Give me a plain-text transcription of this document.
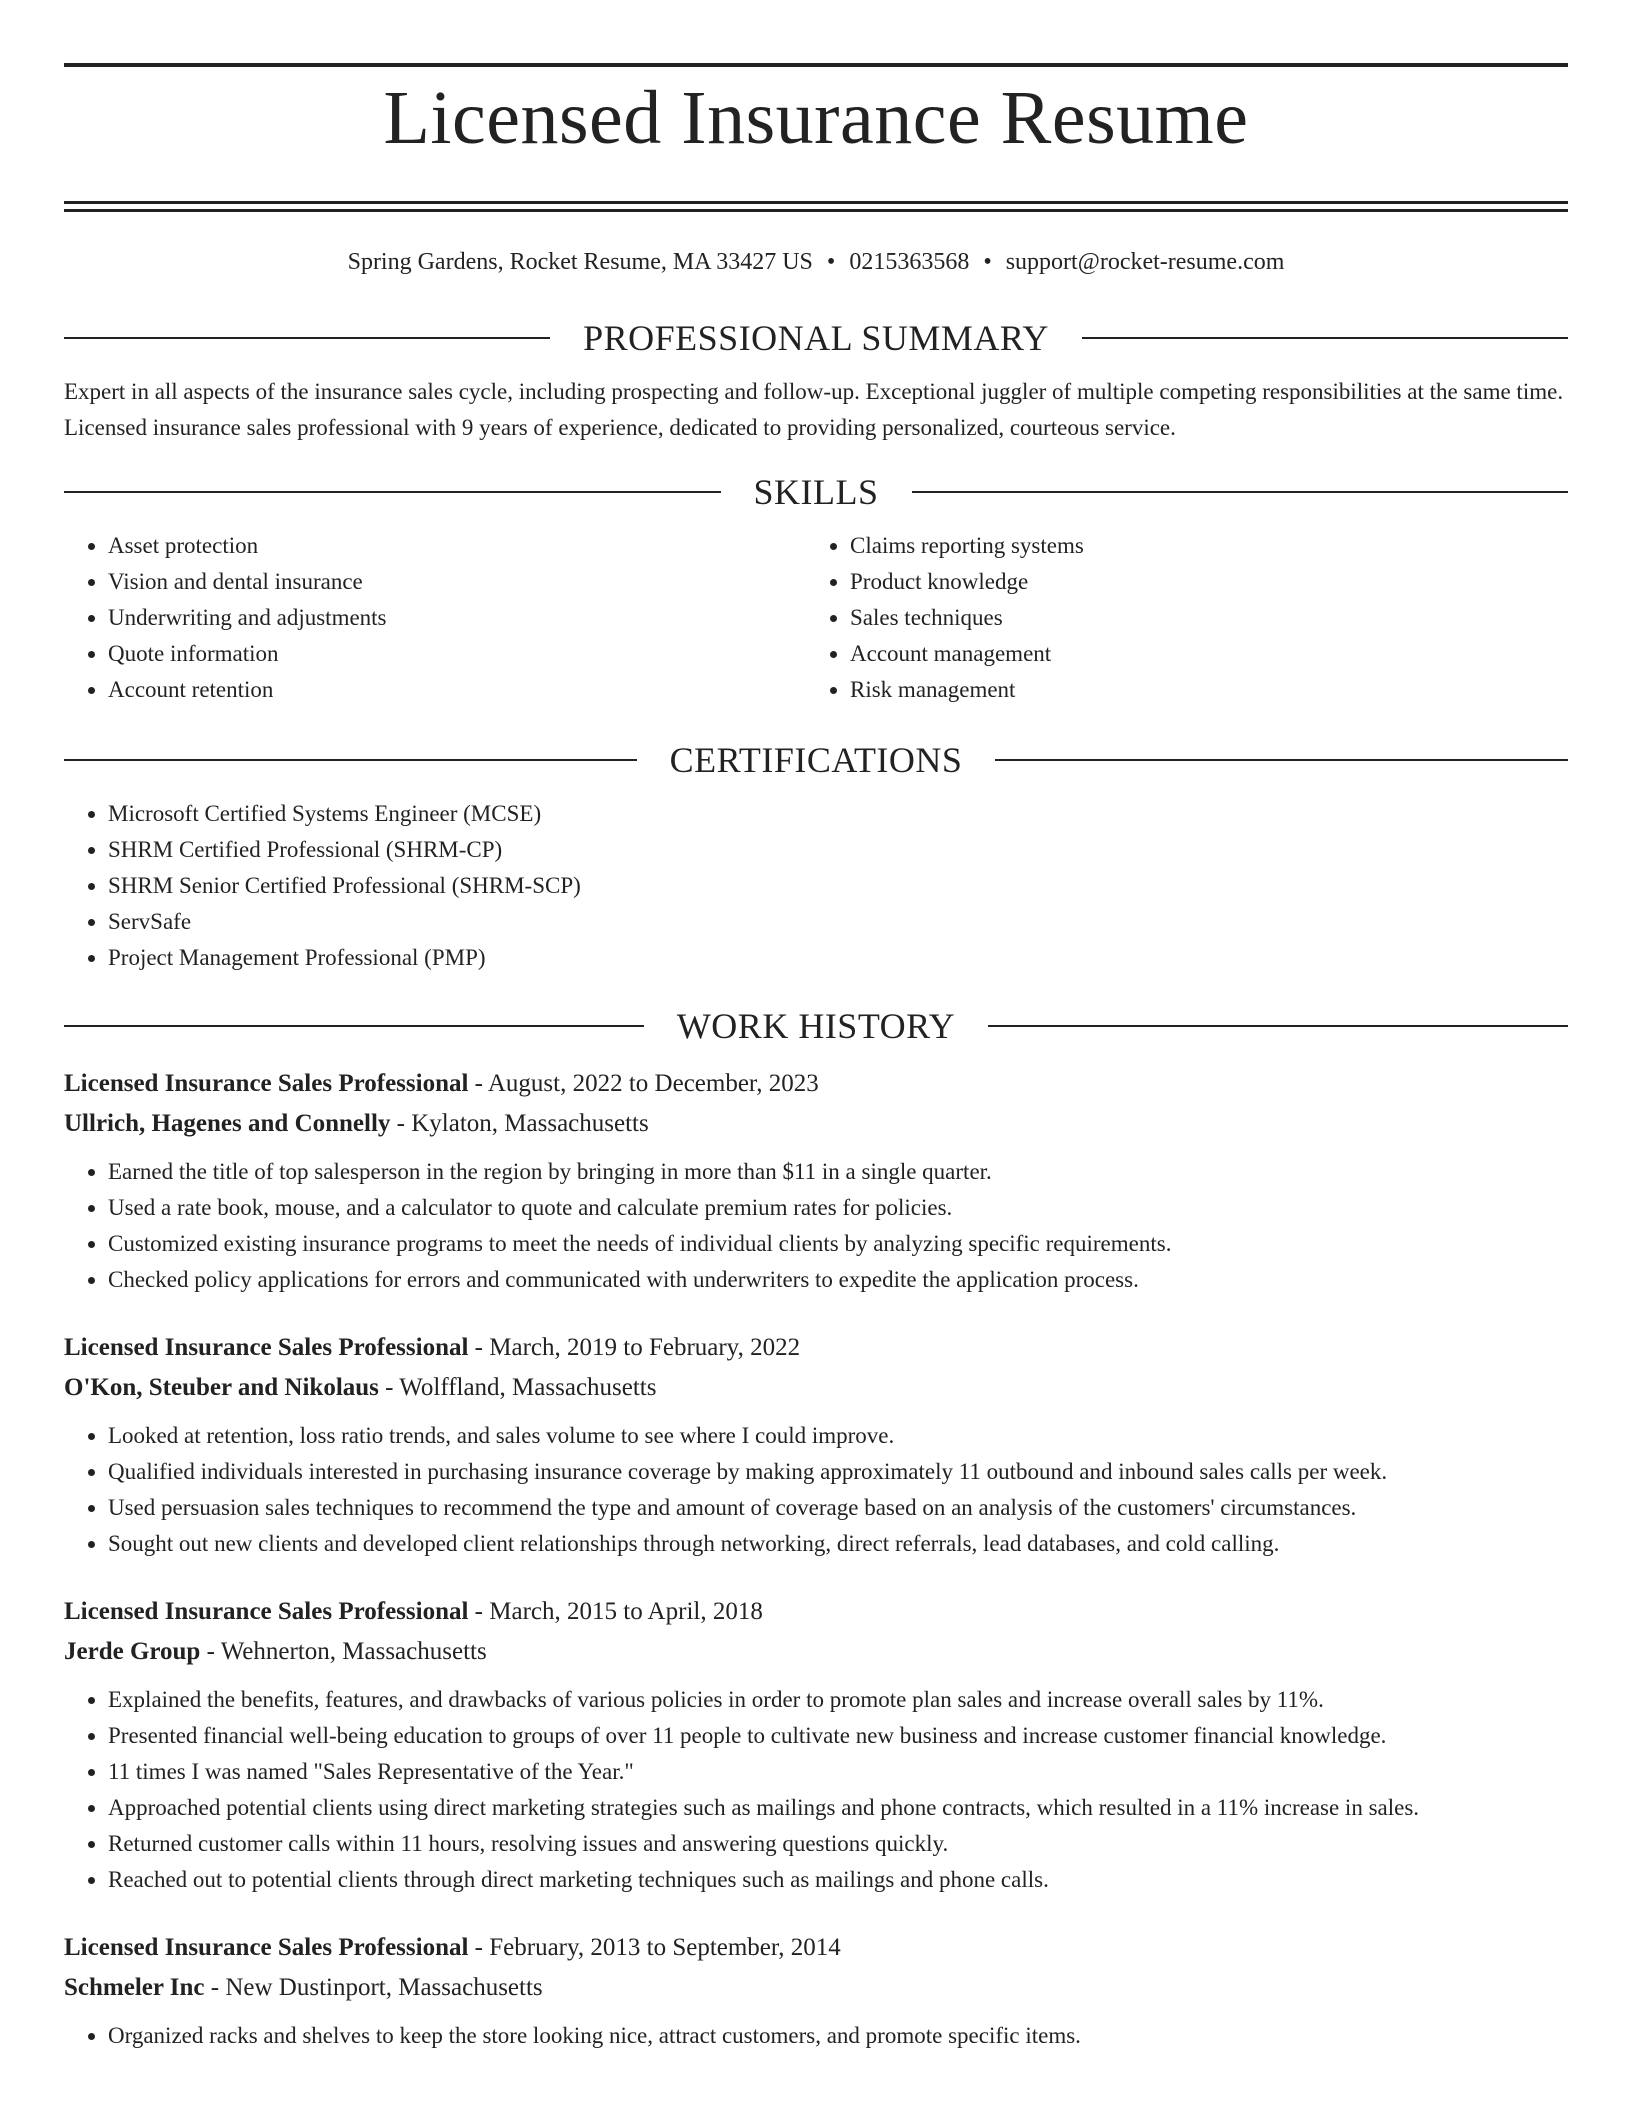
Licensed Insurance Resume
Spring Gardens, Rocket Resume, MA 33427 US • 0215363568 • support@rocket-resume.com
PROFESSIONAL SUMMARY
Expert in all aspects of the insurance sales cycle, including prospecting and follow-up. Exceptional juggler of multiple competing responsibilities at the same time. Licensed insurance sales professional with 9 years of experience, dedicated to providing personalized, courteous service.
SKILLS
• Asset protection
• Vision and dental insurance
• Underwriting and adjustments
• Quote information
• Account retention
• Claims reporting systems
• Product knowledge
• Sales techniques
• Account management
• Risk management
CERTIFICATIONS
• Microsoft Certified Systems Engineer (MCSE)
• SHRM Certified Professional (SHRM-CP)
• SHRM Senior Certified Professional (SHRM-SCP)
• ServSafe
• Project Management Professional (PMP)
WORK HISTORY
Licensed Insurance Sales Professional - August, 2022 to December, 2023
Ullrich, Hagenes and Connelly - Kylaton, Massachusetts
• Earned the title of top salesperson in the region by bringing in more than $11 in a single quarter.
• Used a rate book, mouse, and a calculator to quote and calculate premium rates for policies.
• Customized existing insurance programs to meet the needs of individual clients by analyzing specific requirements.
• Checked policy applications for errors and communicated with underwriters to expedite the application process.
Licensed Insurance Sales Professional - March, 2019 to February, 2022
O'Kon, Steuber and Nikolaus - Wolffland, Massachusetts
• Looked at retention, loss ratio trends, and sales volume to see where I could improve.
• Qualified individuals interested in purchasing insurance coverage by making approximately 11 outbound and inbound sales calls per week.
• Used persuasion sales techniques to recommend the type and amount of coverage based on an analysis of the customers' circumstances.
• Sought out new clients and developed client relationships through networking, direct referrals, lead databases, and cold calling.
Licensed Insurance Sales Professional - March, 2015 to April, 2018
Jerde Group - Wehnerton, Massachusetts
• Explained the benefits, features, and drawbacks of various policies in order to promote plan sales and increase overall sales by 11%.
• Presented financial well-being education to groups of over 11 people to cultivate new business and increase customer financial knowledge.
• 11 times I was named "Sales Representative of the Year."
• Approached potential clients using direct marketing strategies such as mailings and phone contracts, which resulted in a 11% increase in sales.
• Returned customer calls within 11 hours, resolving issues and answering questions quickly.
• Reached out to potential clients through direct marketing techniques such as mailings and phone calls.
Licensed Insurance Sales Professional - February, 2013 to September, 2014
Schmeler Inc - New Dustinport, Massachusetts
• Organized racks and shelves to keep the store looking nice, attract customers, and promote specific items.
